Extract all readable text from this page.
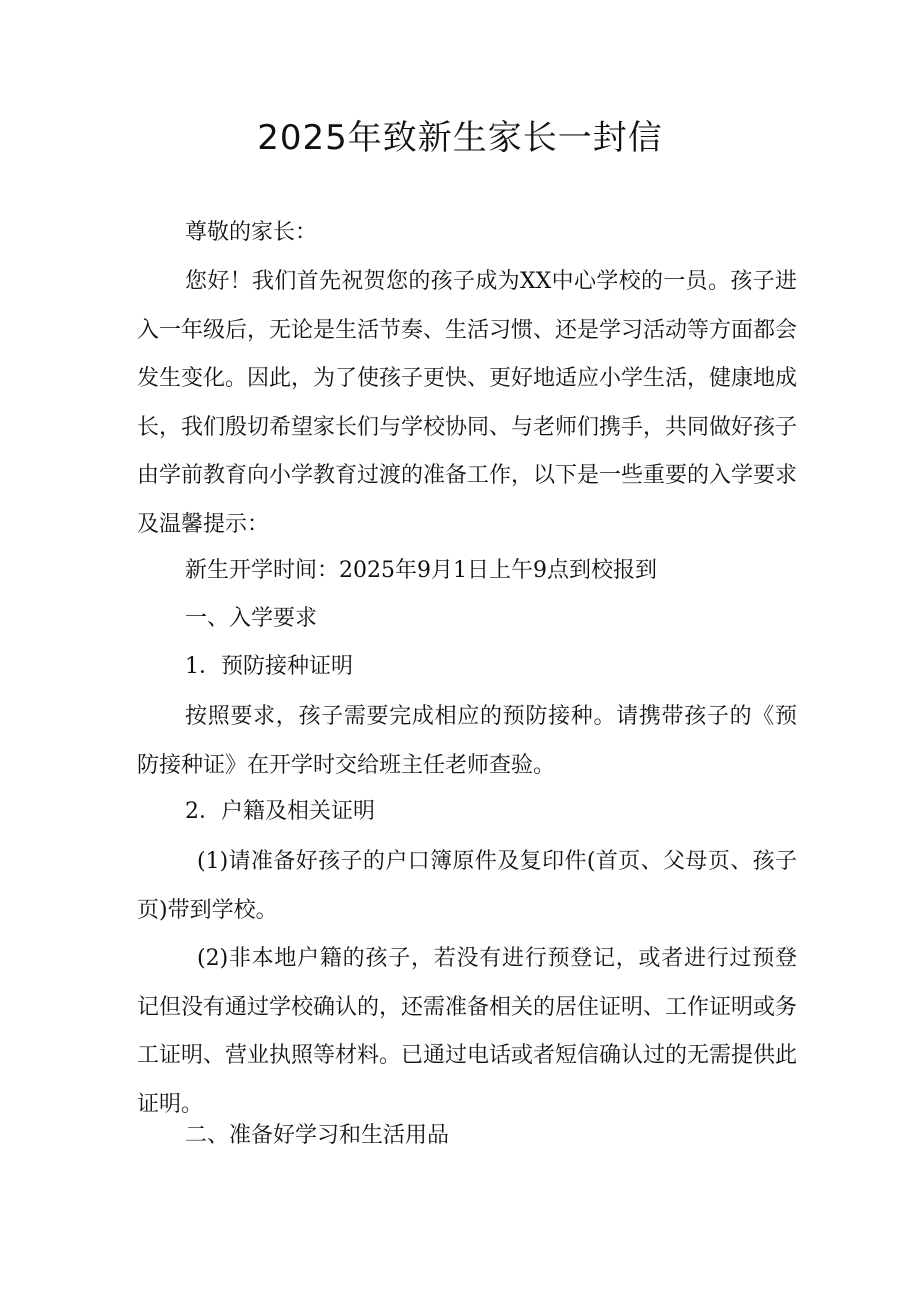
2025年致新生家长一封信
尊敬的家长：
您好！我们首先祝贺您的孩子成为XX中心学校的一员。孩子进入一年级后，无论是生活节奏、生活习惯、还是学习活动等方面都会发生变化。因此，为了使孩子更快、更好地适应小学生活，健康地成长，我们殷切希望家长们与学校协同、与老师们携手，共同做好孩子由学前教育向小学教育过渡的准备工作，以下是一些重要的入学要求及温馨提示：
新生开学时间：2025年9月1日上午9点到校报到
一、入学要求
1．预防接种证明
按照要求，孩子需要完成相应的预防接种。请携带孩子的《预防接种证》在开学时交给班主任老师查验。
2．户籍及相关证明
(1)请准备好孩子的户口簿原件及复印件(首页、父母页、孩子页)带到学校。
(2)非本地户籍的孩子，若没有进行预登记，或者进行过预登记但没有通过学校确认的，还需准备相关的居住证明、工作证明或务工证明、营业执照等材料。已通过电话或者短信确认过的无需提供此证明。
二、准备好学习和生活用品
